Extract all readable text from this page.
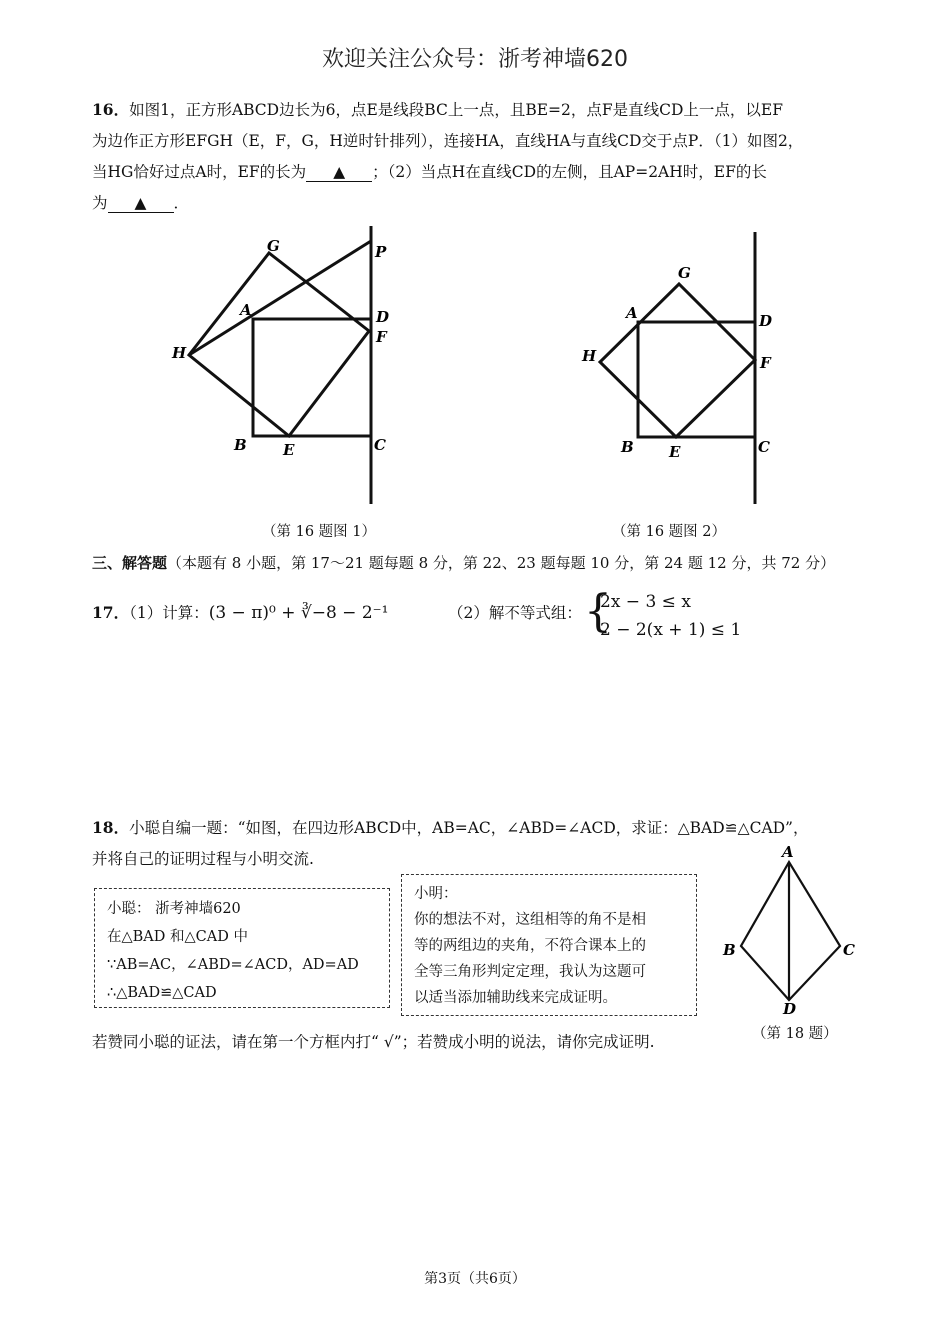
欢迎关注公众号：浙考神墙620
16．如图1，正方形ABCD边长为6，点E是线段BC上一点，且BE=2，点F是直线CD上一点，以EF
为边作正方形EFGH（E，F，G，H逆时针排列），连接HA，直线HA与直线CD交于点P．（1）如图2，
当HG恰好过点A时，EF的长为 ▲ ；（2）当点H在直线CD的左侧，且AP=2AH时，EF的长
为 ▲ ．
G	P
A	D
F
H
B E	C
（第 16 题图 1）
G
A	D
H	F
B E	C
（第 16 题图 2）
三、解答题（本题有 8 小题，第 17～21 题每题 8 分，第 22、23 题每题 10 分，第 24 题 12 分，共 72 分）
17．（1）计算：(3 − π)⁰ + ∛−8 − 2⁻¹	（2）解不等式组： {
2x − 3 ≤ x
2 − 2(x + 1) ≤ 1
18．小聪自编一题：“如图，在四边形ABCD中，AB=AC，∠ABD=∠ACD，求证：△BAD≌△CAD”，
并将自己的证明过程与小明交流.
小聪： 浙考神墙620
在△BAD 和△CAD 中
∵AB=AC，∠ABD=∠ACD，AD=AD
∴△BAD≌△CAD
小明：
你的想法不对，这组相等的角不是相
等的两组边的夹角，不符合课本上的
全等三角形判定定理，我认为这题可
以适当添加辅助线来完成证明。
A
B	C
D
（第 18 题）
若赞同小聪的证法，请在第一个方框内打“ √”；若赞成小明的说法，请你完成证明.
第3页（共6页）
